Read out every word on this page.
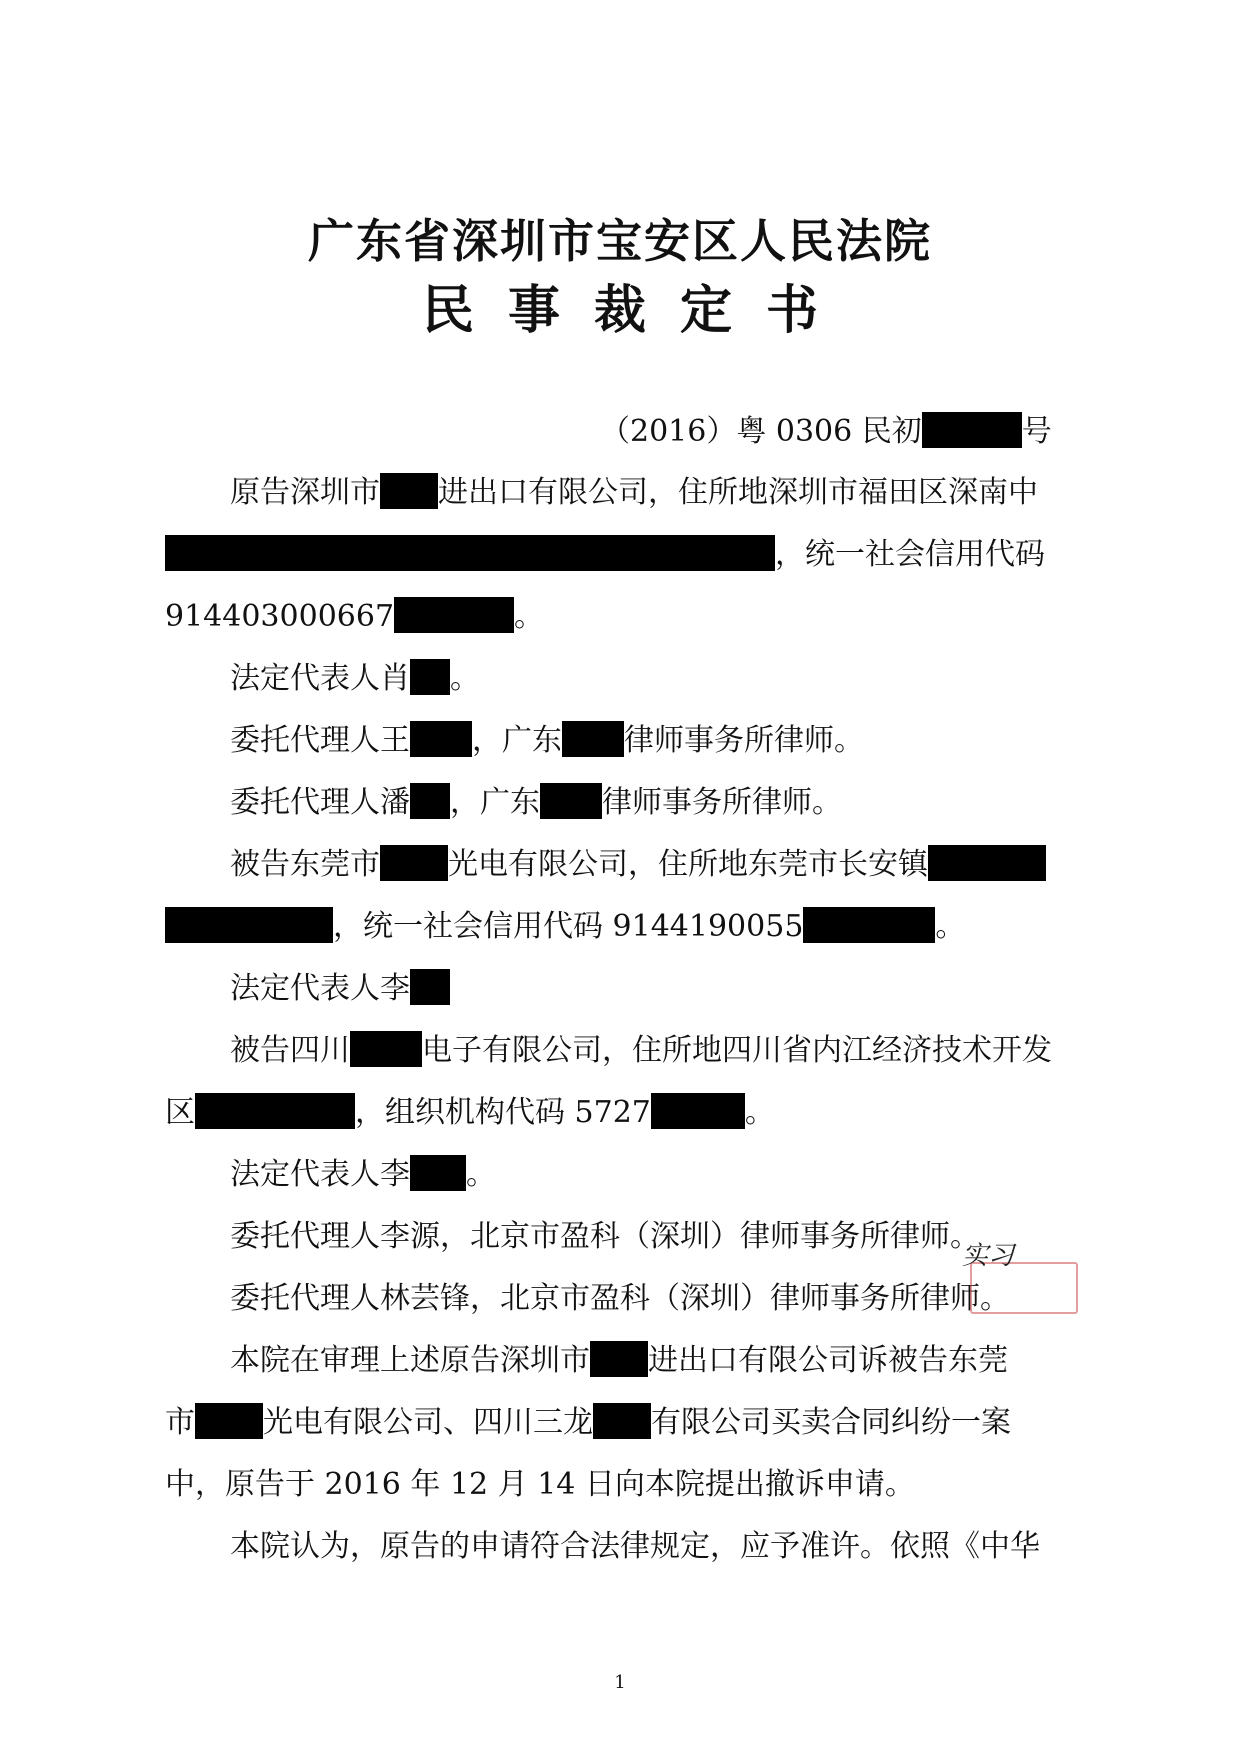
广东省深圳市宝安区人民法院
民事裁定书
（2016）粤 0306 民初	号
原告深圳市 进出口有限公司，住所地深圳市福田区深南中
，统一社会信用代码
914403000667	。
法定代表人肖 。
委托代理人王 ，广东 律师事务所律师。
委托代理人潘 ，广东 律师事务所律师。
被告东莞市 光电有限公司，住所地东莞市长安镇
，统一社会信用代码 9144190055	。
法定代表人李
被告四川 电子有限公司，住所地四川省内江经济技术开发
区	，组织机构代码 5727	。
法定代表人李 。
委托代理人李源，北京市盈科（深圳）律师事务所律师。
委托代理人林芸锋，北京市盈科（深圳）律师事务所律师。
实习
本院在审理上述原告深圳市 进出口有限公司诉被告东莞
市 光电有限公司、四川三龙 有限公司买卖合同纠纷一案
中，原告于 2016 年 12 月 14 日向本院提出撤诉申请。
本院认为，原告的申请符合法律规定，应予准许。依照《中华
1
